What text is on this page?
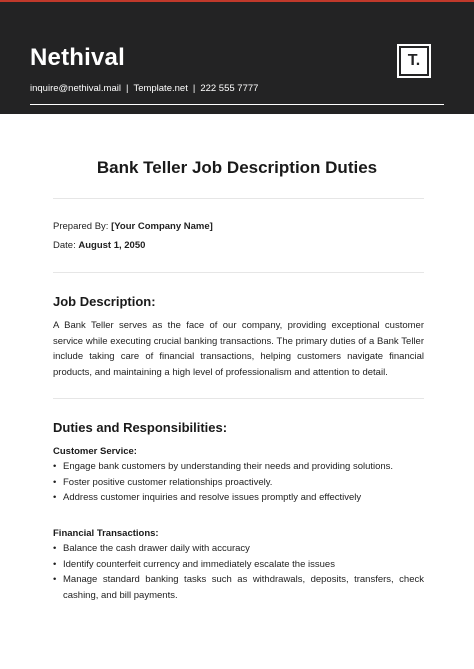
Nethival
inquire@nethival.mail | Template.net | 222 555 7777
T.
Bank Teller Job Description Duties
Prepared By: [Your Company Name]
Date: August 1, 2050
Job Description:
A Bank Teller serves as the face of our company, providing exceptional customer service while executing crucial banking transactions. The primary duties of a Bank Teller include taking care of financial transactions, helping customers navigate financial products, and maintaining a high level of professionalism and attention to detail.
Duties and Responsibilities:
Customer Service:
• Engage bank customers by understanding their needs and providing solutions.
• Foster positive customer relationships proactively.
• Address customer inquiries and resolve issues promptly and effectively
Financial Transactions:
• Balance the cash drawer daily with accuracy
• Identify counterfeit currency and immediately escalate the issues
• Manage standard banking tasks such as withdrawals, deposits, transfers, check cashing, and bill payments.
